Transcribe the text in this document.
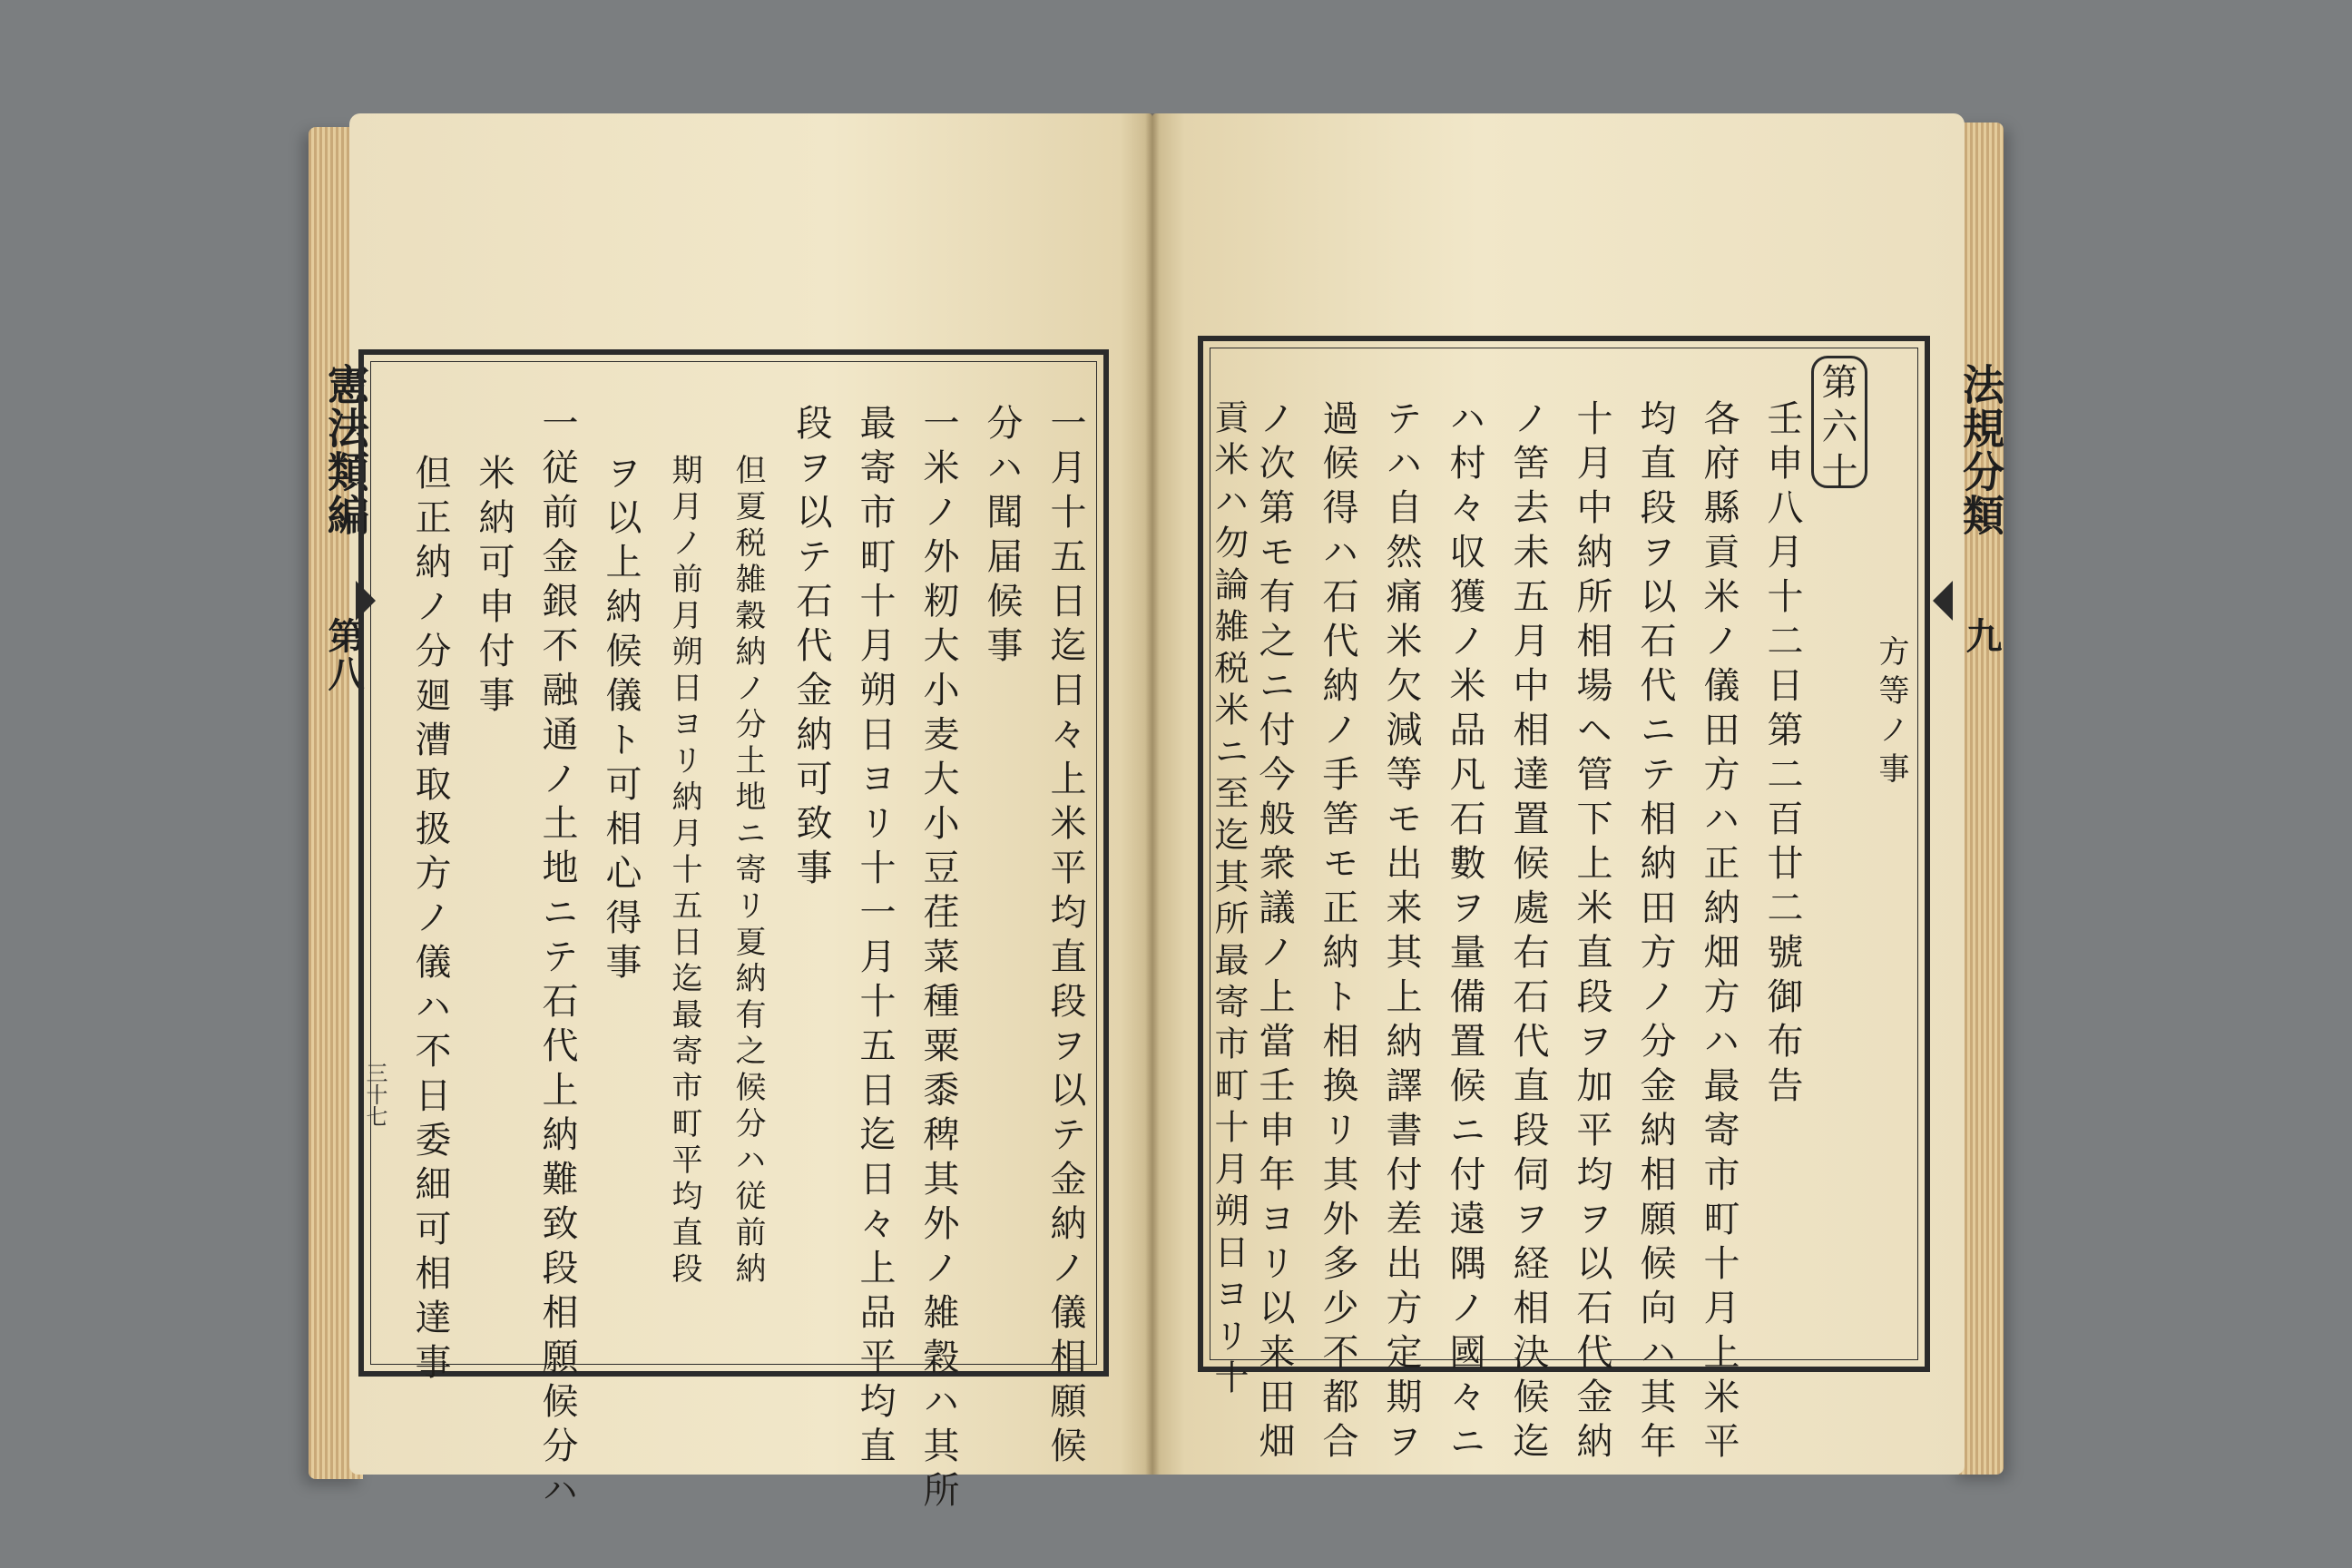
憲法類編
第八
三十七
法規分類
九
一月十五日迄日々上米平均直段ヲ以テ金納ノ儀相願候
分ハ聞届候事
一米ノ外籾大小麦大小豆荏菜種粟黍稗其外ノ雑穀ハ其所
最寄市町十月朔日ヨリ十一月十五日迄日々上品平均直
段ヲ以テ石代金納可致事
但夏税雑穀納ノ分土地ニ寄リ夏納有之候分ハ従前納
期月ノ前月朔日ヨリ納月十五日迄最寄市町平均直段
ヲ以上納候儀ト可相心得事
一従前金銀不融通ノ土地ニテ石代上納難致段相願候分ハ
米納可申付事
但正納ノ分廻漕取扱方ノ儀ハ不日委細可相達事	方等ノ事
第六十
壬申八月十二日第二百廿二號御布告
各府縣貢米ノ儀田方ハ正納畑方ハ最寄市町十月上米平
均直段ヲ以石代ニテ相納田方ノ分金納相願候向ハ其年
十月中納所相場ヘ管下上米直段ヲ加平均ヲ以石代金納
ノ筈去未五月中相達置候處右石代直段伺ヲ経相決候迄
ハ村々収獲ノ米品凡石數ヲ量備置候ニ付遠隅ノ國々ニ
テハ自然痛米欠減等モ出来其上納譯書付差出方定期ヲ
過候得ハ石代納ノ手筈モ正納ト相換リ其外多少不都合
ノ次第モ有之ニ付今般衆議ノ上當壬申年ヨリ以来田畑
貢米ハ勿論雑税米ニ至迄其所最寄市町十月朔日ヨリ十
